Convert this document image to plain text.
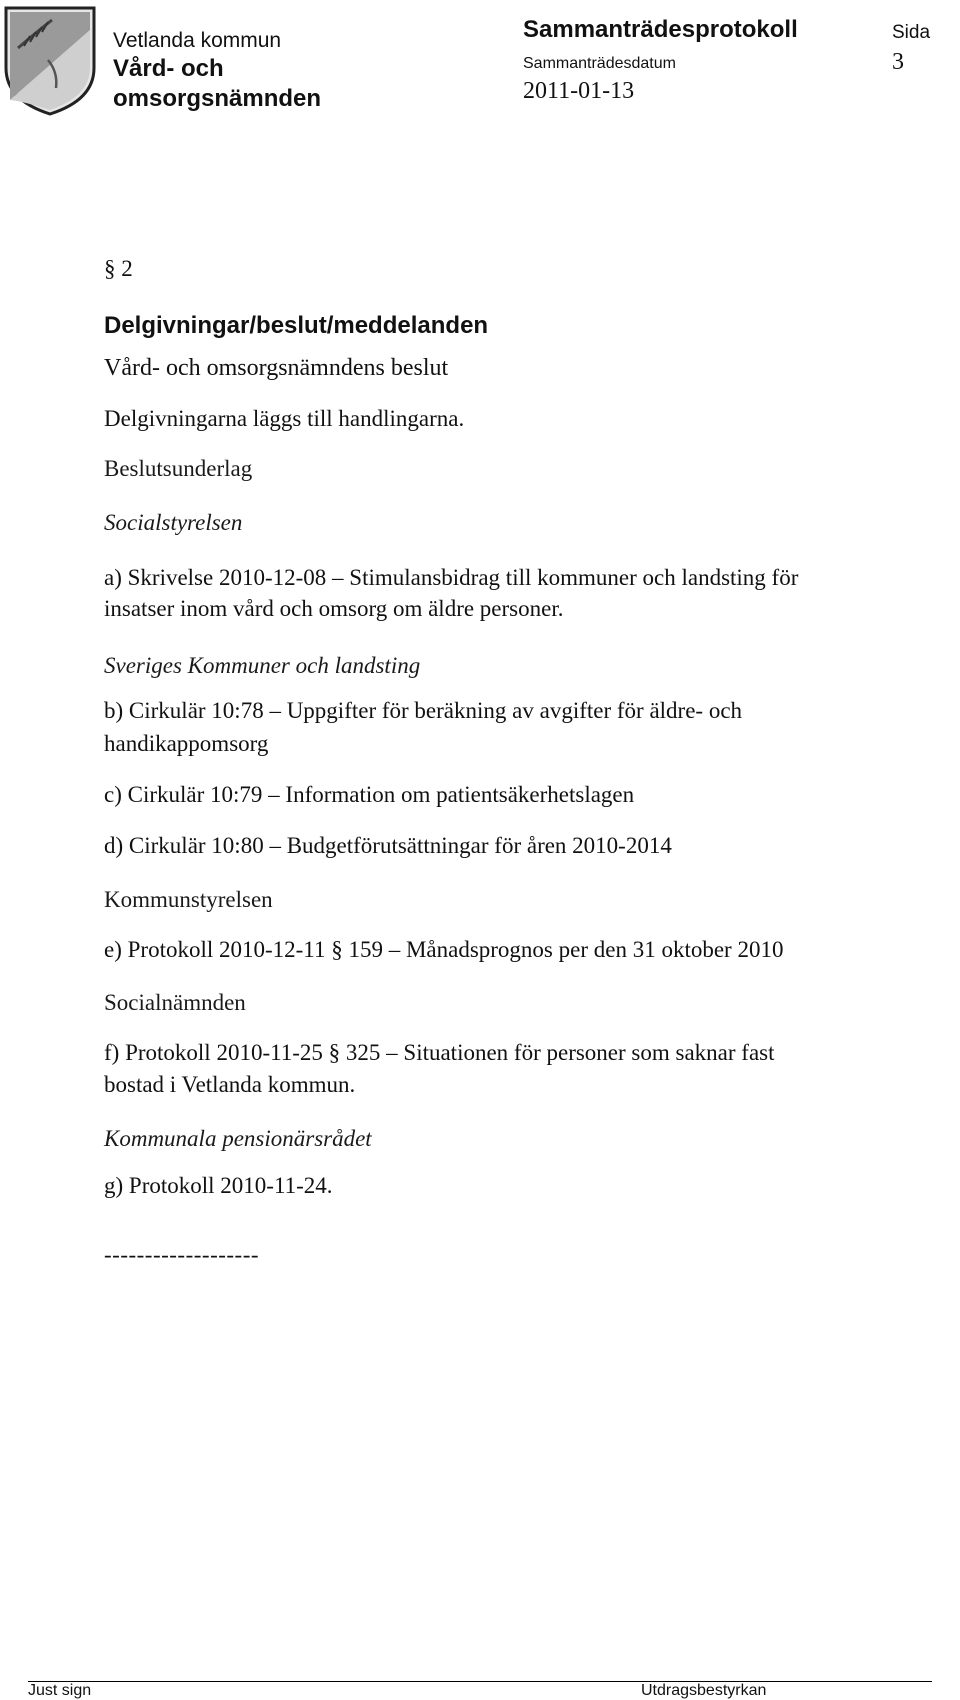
Vetlanda kommun
Vård- och
omsorgsnämnden
Sammanträdesprotokoll
Sammanträdesdatum
2011-01-13
Sida
3
§ 2
Delgivningar/beslut/meddelanden
Vård- och omsorgsnämndens beslut
Delgivningarna läggs till handlingarna.
Beslutsunderlag
Socialstyrelsen
a) Skrivelse 2010-12-08 – Stimulansbidrag till kommuner och landsting för
insatser inom vård och omsorg om äldre personer.
Sveriges Kommuner och landsting
b) Cirkulär 10:78 – Uppgifter för beräkning av avgifter för äldre- och
handikappomsorg
c) Cirkulär 10:79 – Information om patientsäkerhetslagen
d) Cirkulär 10:80 – Budgetförutsättningar för åren 2010-2014
Kommunstyrelsen
e) Protokoll 2010-12-11 § 159 – Månadsprognos per den 31 oktober 2010
Socialnämnden
f) Protokoll 2010-11-25 § 325 – Situationen för personer som saknar fast
bostad i Vetlanda kommun.
Kommunala pensionärsrådet
g) Protokoll 2010-11-24.
-------------------
Just sign	Utdragsbestyrkan
